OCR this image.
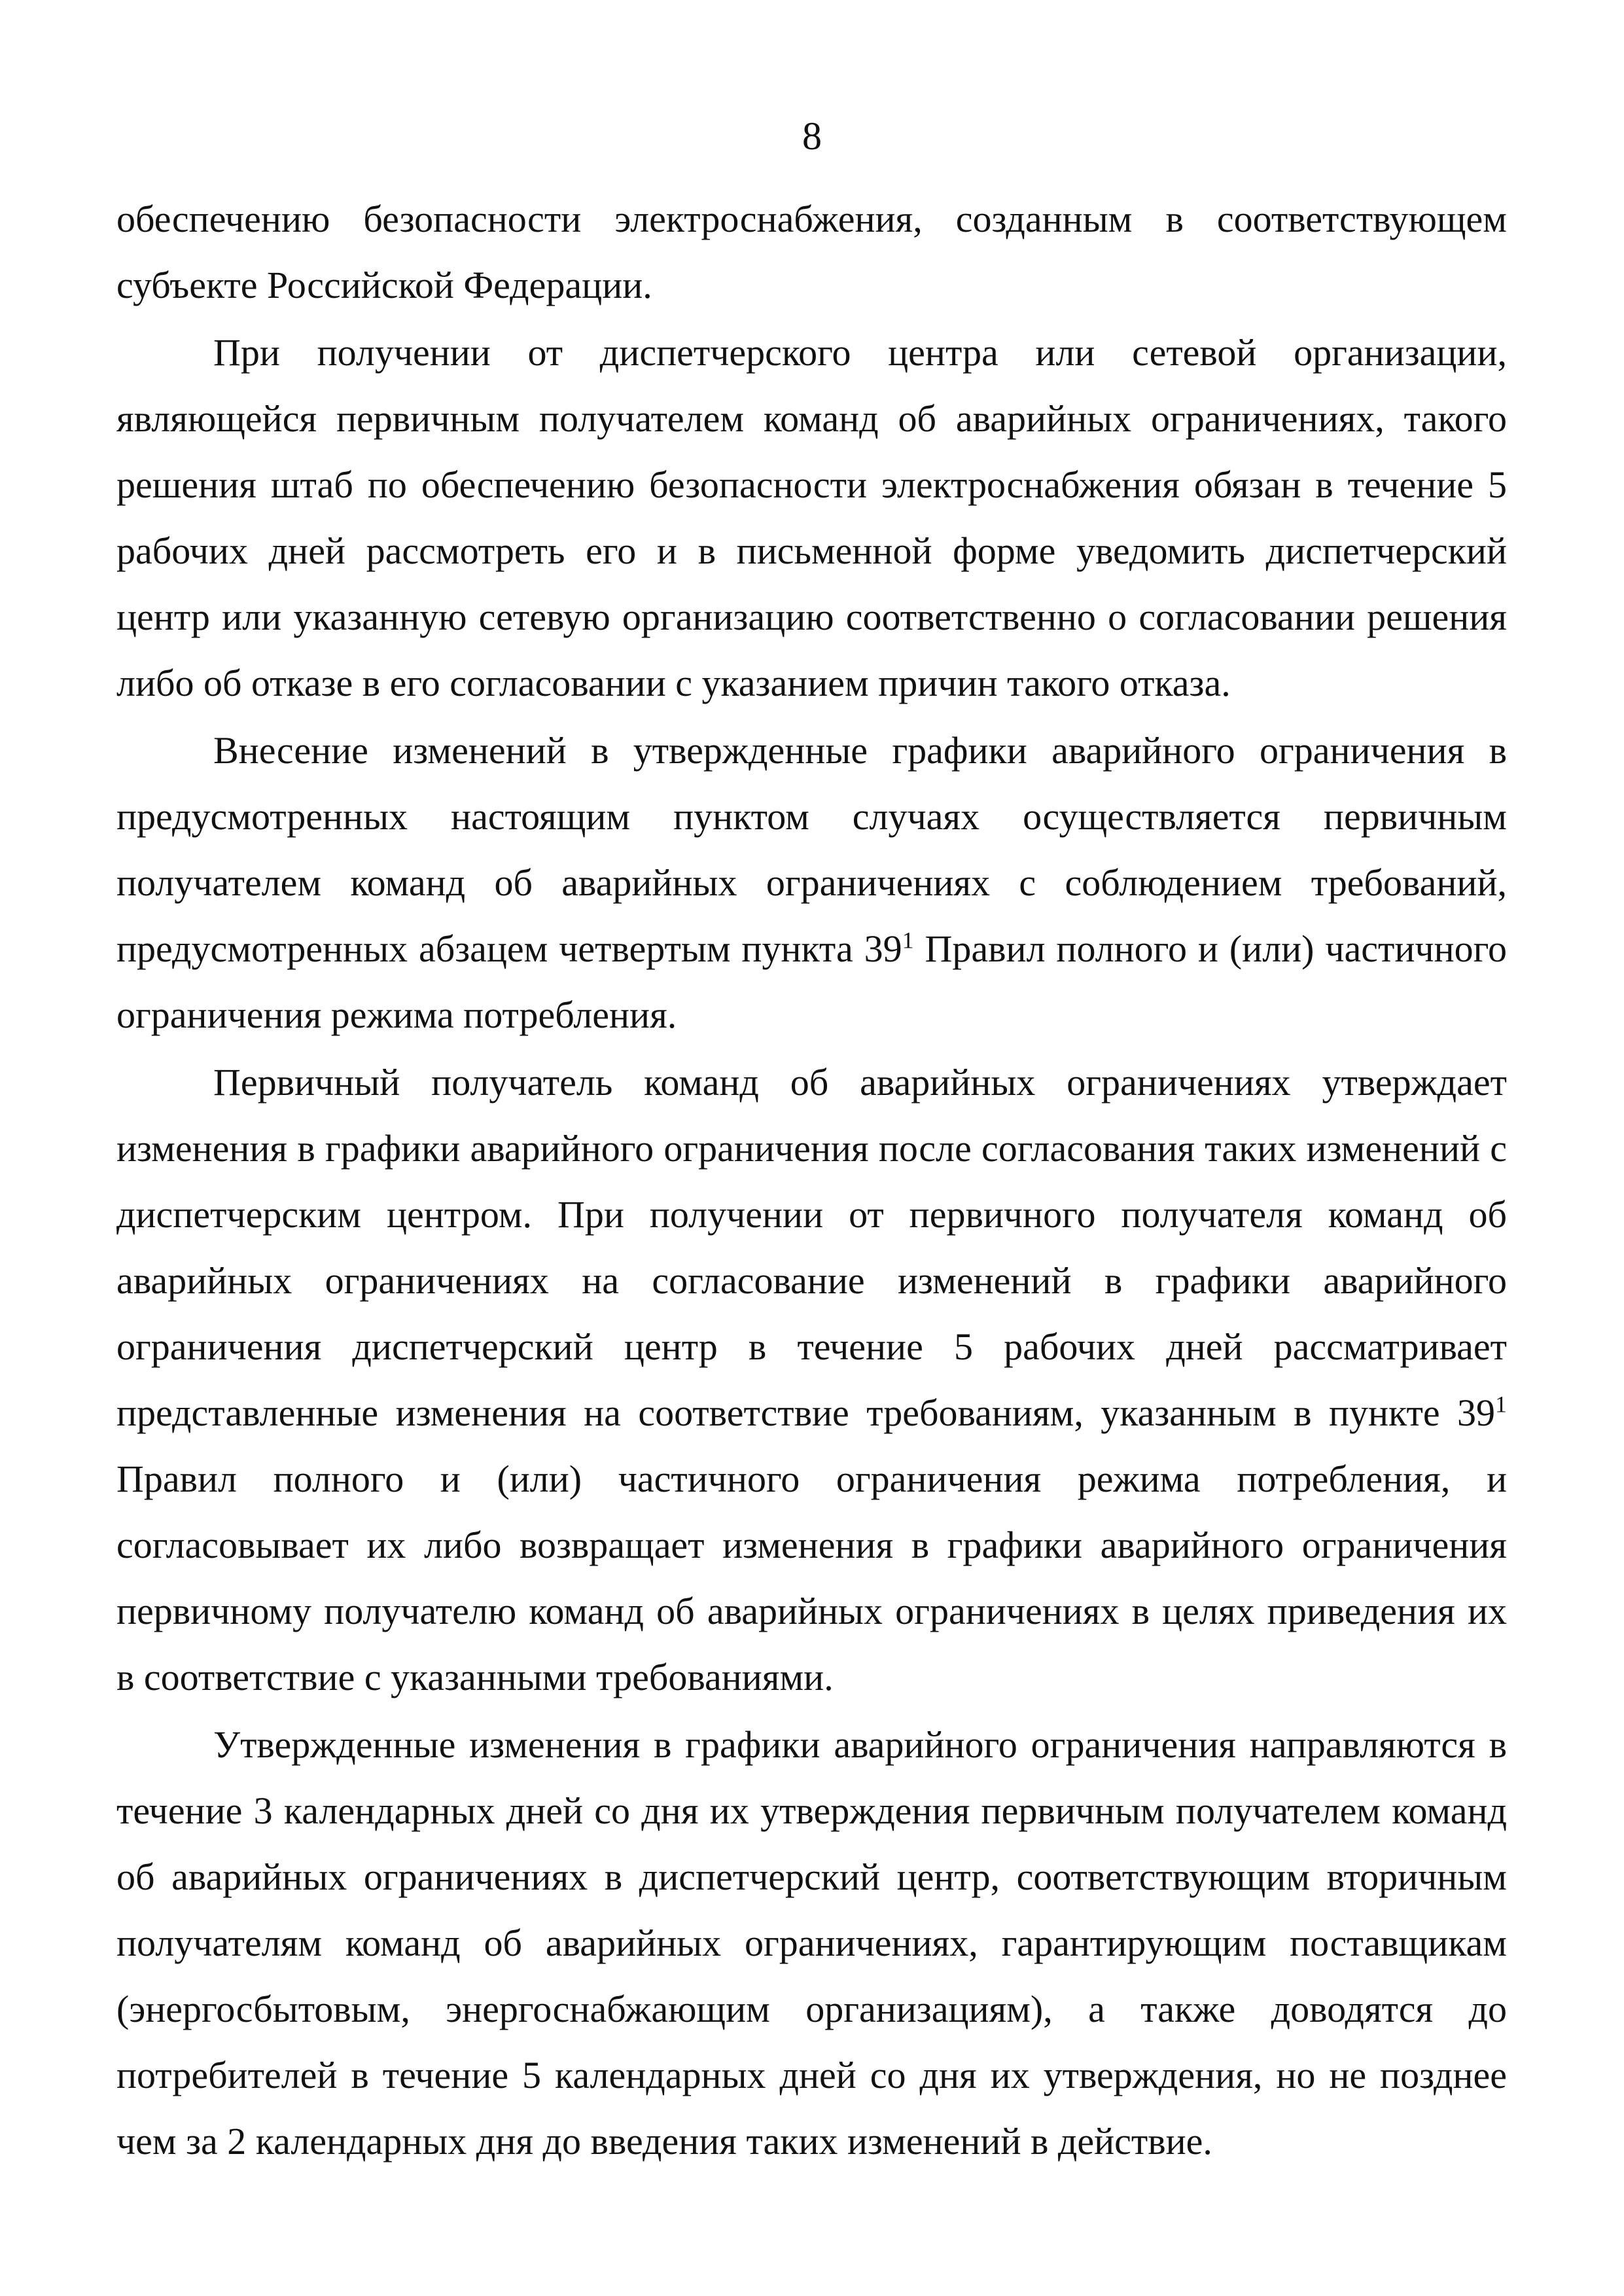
8

обеспечению безопасности электроснабжения, созданным в соответствующем субъекте Российской Федерации.

При получении от диспетчерского центра или сетевой организации, являющейся первичным получателем команд об аварийных ограничениях, такого решения штаб по обеспечению безопасности электроснабжения обязан в течение 5 рабочих дней рассмотреть его и в письменной форме уведомить диспетчерский центр или указанную сетевую организацию соответственно о согласовании решения либо об отказе в его согласовании с указанием причин такого отказа.

Внесение изменений в утвержденные графики аварийного ограничения в предусмотренных настоящим пунктом случаях осуществляется первичным получателем команд об аварийных ограничениях с соблюдением требований, предусмотренных абзацем четвертым пункта $39^1$ Правил полного и (или) частичного ограничения режима потребления.

Первичный получатель команд об аварийных ограничениях утверждает изменения в графики аварийного ограничения после согласования таких изменений с диспетчерским центром. При получении от первичного получателя команд об аварийных ограничениях на согласование изменений в графики аварийного ограничения диспетчерский центр в течение 5 рабочих дней рассматривает представленные изменения на соответствие требованиям, указанным в пункте $39^1$ Правил полного и (или) частичного ограничения режима потребления, и согласовывает их либо возвращает изменения в графики аварийного ограничения первичному получателю команд об аварийных ограничениях в целях приведения их в соответствие с указанными требованиями.

Утвержденные изменения в графики аварийного ограничения направляются в течение 3 календарных дней со дня их утверждения первичным получателем команд об аварийных ограничениях в диспетчерский центр, соответствующим вторичным получателям команд об аварийных ограничениях, гарантирующим поставщикам (энергосбытовым, энергоснабжающим организациям), а также доводятся до потребителей в течение 5 календарных дней со дня их утверждения, но не позднее чем за 2 календарных дня до введения таких изменений в действие.
